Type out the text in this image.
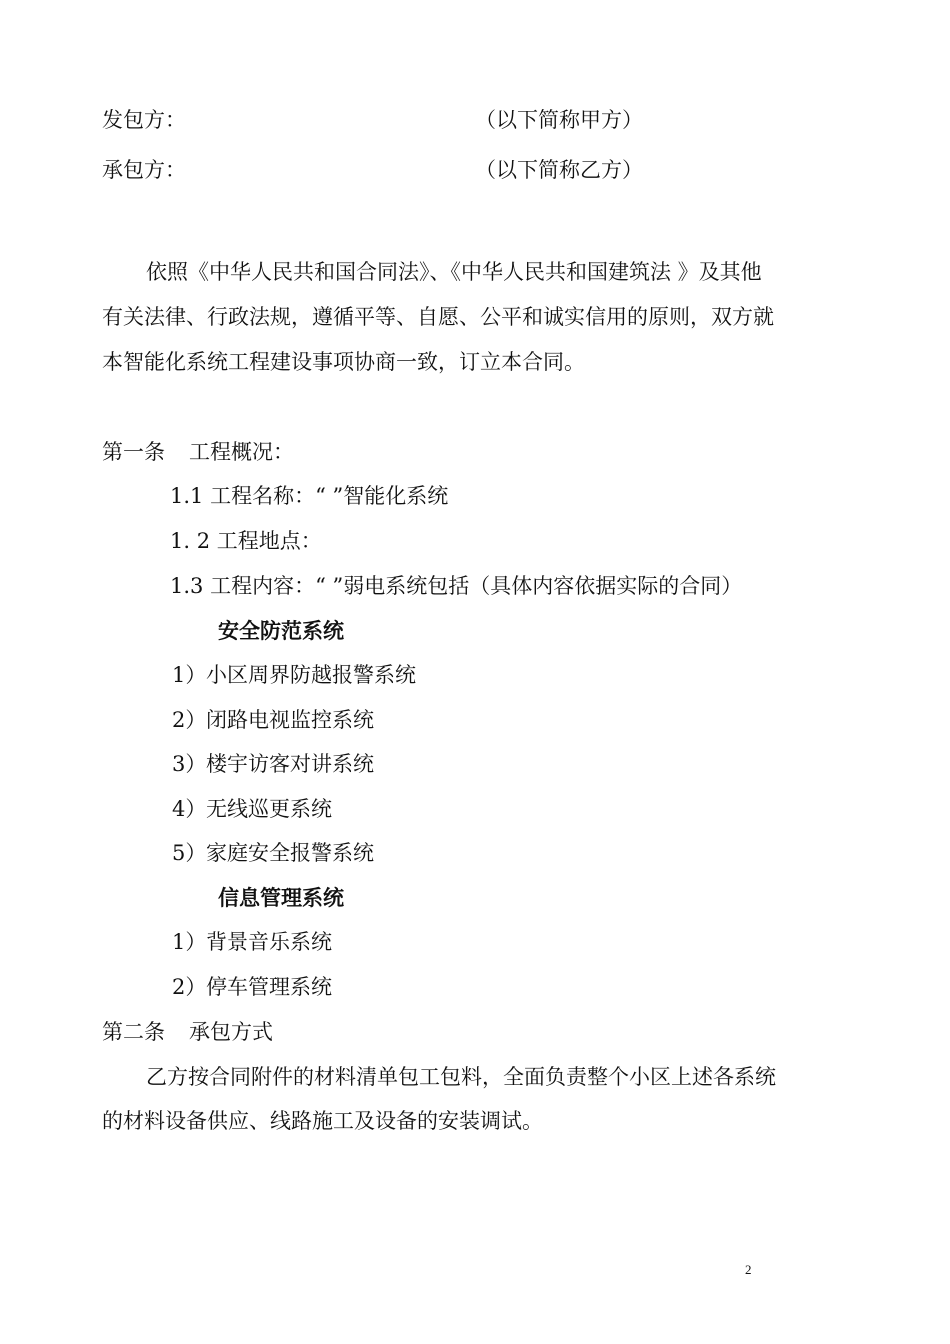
发包方：	（以下简称甲方）
承包方：	（以下简称乙方）
依照《中华人民共和国合同法》、《中华人民共和国建筑法 》及其他
有关法律、行政法规，遵循平等、自愿、公平和诚实信用的原则，双方就
本智能化系统工程建设事项协商一致，订立本合同。
第一条 工程概况：
1.1 工程名称：“ ”智能化系统
1. 2 工程地点：
1.3 工程内容：“ ”弱电系统包括（具体内容依据实际的合同）
安全防范系统
1）小区周界防越报警系统
2）闭路电视监控系统
3）楼宇访客对讲系统
4）无线巡更系统
5）家庭安全报警系统
信息管理系统
1）背景音乐系统
2）停车管理系统
第二条 承包方式
乙方按合同附件的材料清单包工包料，全面负责整个小区上述各系统
的材料设备供应、线路施工及设备的安装调试。
2
